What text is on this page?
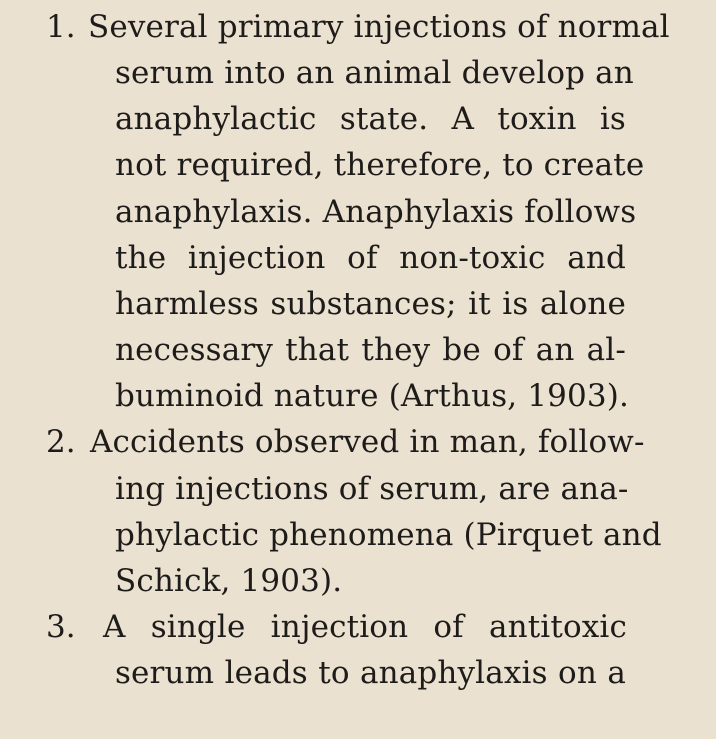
1. Several primary injections of normal
serum into an animal develop an
anaphylactic state. A toxin is
not required, therefore, to create
anaphylaxis. Anaphylaxis follows
the injection of non-toxic and
harmless substances; it is alone
necessary that they be of an al-
buminoid nature (Arthus, 1903).
2. Accidents observed in man, follow-
ing injections of serum, are ana-
phylactic phenomena (Pirquet and
Schick, 1903).
3. A single injection of antitoxic
serum leads to anaphylaxis on a
